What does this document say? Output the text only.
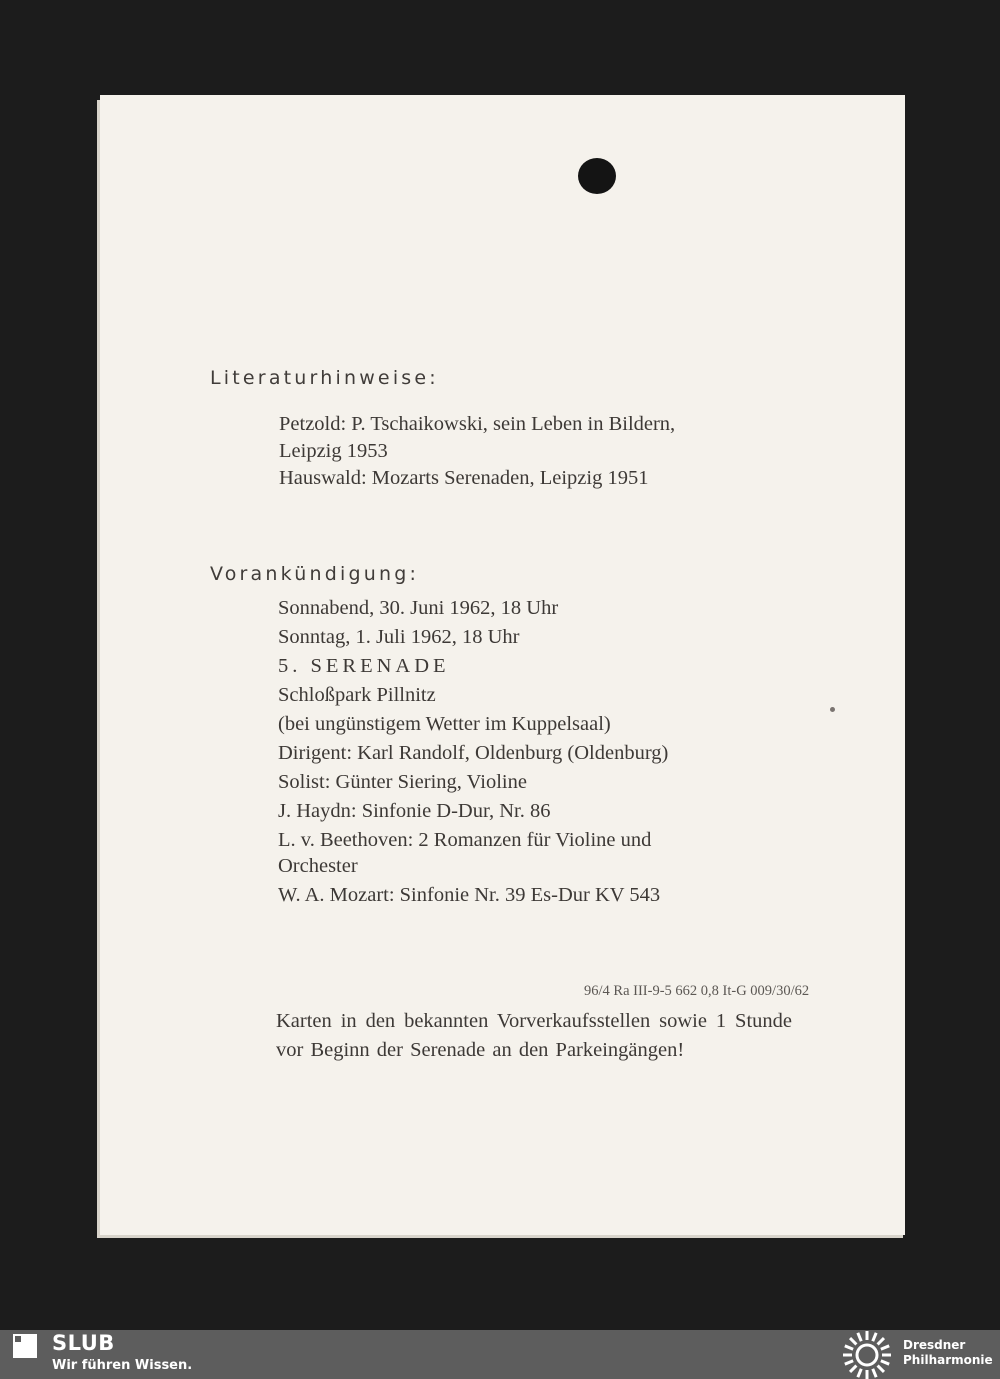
Literaturhinweise:
Petzold: P. Tschaikowski, sein Leben in Bildern,
Leipzig 1953
Hauswald: Mozarts Serenaden, Leipzig 1951
Vorankündigung:
Sonnabend, 30. Juni 1962, 18 Uhr
Sonntag, 1. Juli 1962, 18 Uhr
5. SERENADE
Schloßpark Pillnitz
(bei ungünstigem Wetter im Kuppelsaal)
Dirigent: Karl Randolf, Oldenburg (Oldenburg)
Solist: Günter Siering, Violine
J. Haydn: Sinfonie D-Dur, Nr. 86
L. v. Beethoven: 2 Romanzen für Violine und
Orchester
W. A. Mozart: Sinfonie Nr. 39 Es-Dur KV 543
Karten in den bekannten Vorverkaufsstellen sowie 1 Stunde vor Beginn der Serenade an den Parkeingängen!
96/4 Ra III-9-5 662 0,8 It-G 009/30/62
SLUB
Wir führen Wissen.
Dresdner
Philharmonie
